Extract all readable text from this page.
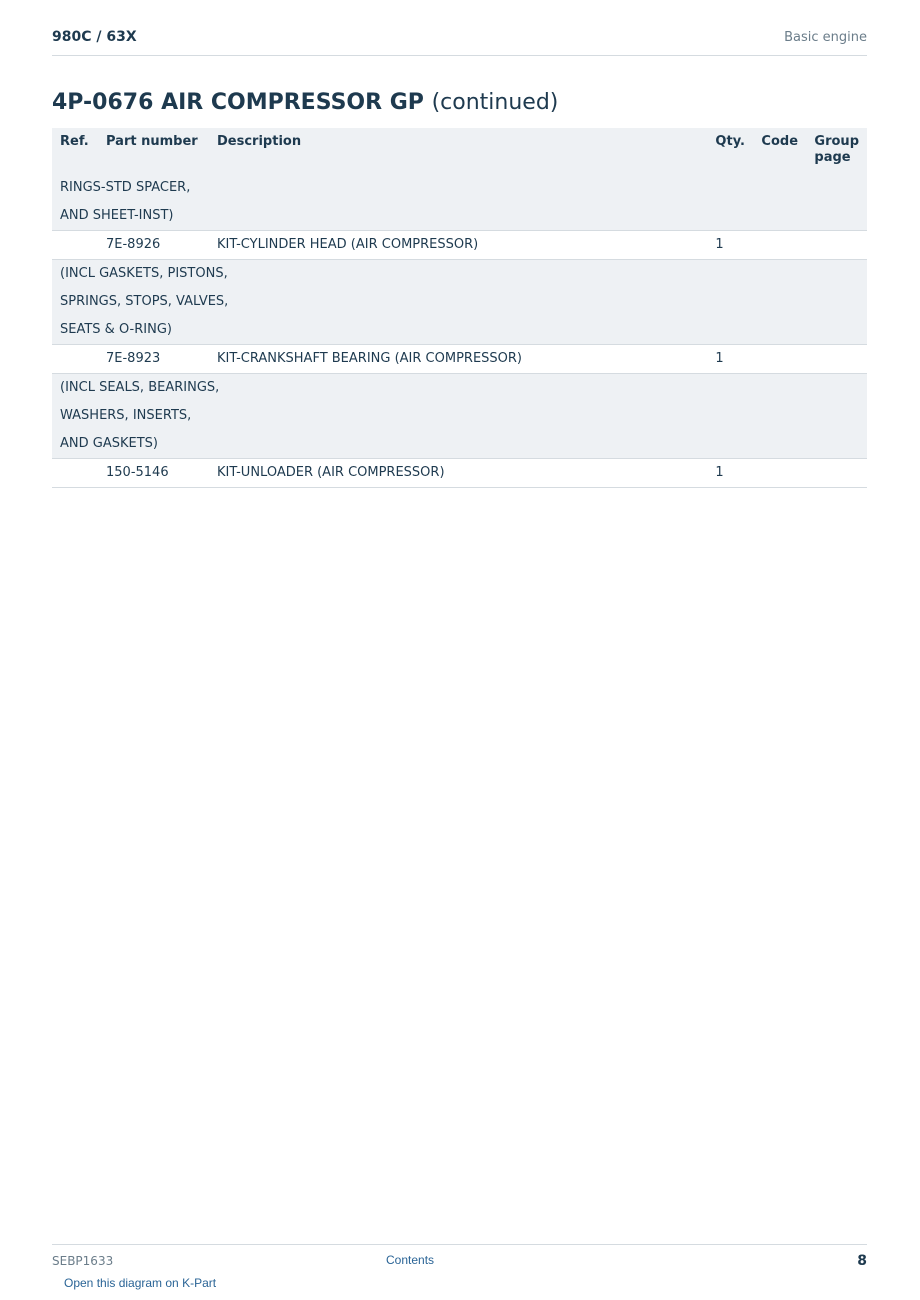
980C / 63X	Basic engine
4P-0676 AIR COMPRESSOR GP (continued)
Ref.	Part number	Description	Qty.	Code	Group page
RINGS-STD SPACER,					
AND SHEET-INST)					
	7E-8926	KIT-CYLINDER HEAD (AIR COMPRESSOR)	1		
(INCL GASKETS, PISTONS,					
SPRINGS, STOPS, VALVES,					
SEATS & O-RING)					
	7E-8923	KIT-CRANKSHAFT BEARING (AIR COMPRESSOR)	1		
(INCL SEALS, BEARINGS,					
WASHERS, INSERTS,					
AND GASKETS)					
	150-5146	KIT-UNLOADER (AIR COMPRESSOR)	1		
SEBP1633	Contents	8
Open this diagram on K-Part
